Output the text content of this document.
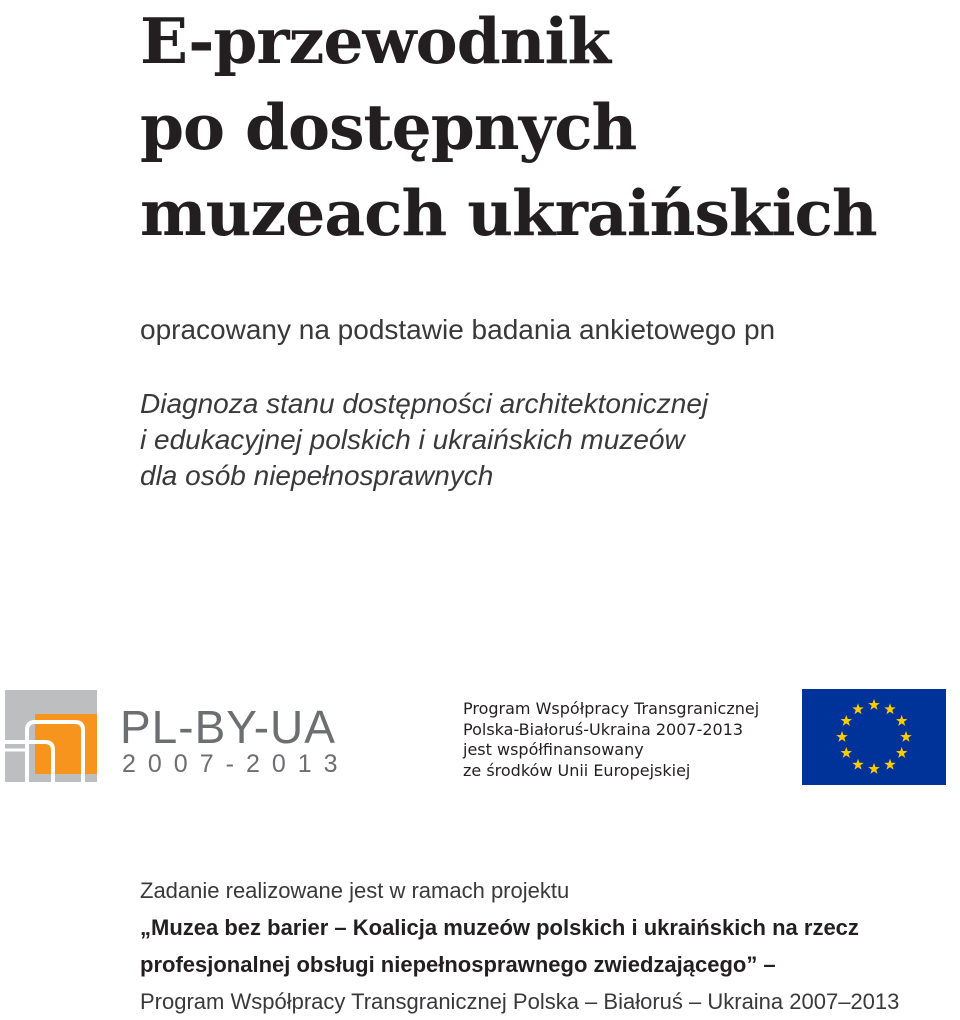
E-przewodnik
po dostępnych
muzeach ukraińskich
opracowany na podstawie badania ankietowego pn
Diagnoza stanu dostępności architektonicznej
i edukacyjnej polskich i ukraińskich muzeów
dla osób niepełnosprawnych
PL-BY-UA
2007-2013
Program Współpracy Transgranicznej
Polska-Białoruś-Ukraina 2007-2013
jest współfinansowany
ze środków Unii Europejskiej
Zadanie realizowane jest w ramach projektu
„Muzea bez barier – Koalicja muzeów polskich i ukraińskich na rzecz
profesjonalnej obsługi niepełnosprawnego zwiedzającego” –
Program Współpracy Transgranicznej Polska – Białoruś – Ukraina 2007–2013
